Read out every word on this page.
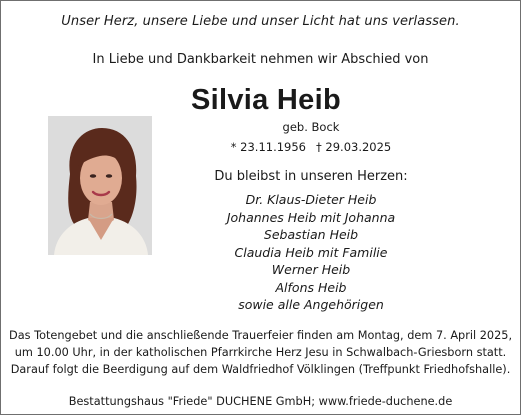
Unser Herz, unsere Liebe und unser Licht hat uns verlassen.
In Liebe und Dankbarkeit nehmen wir Abschied von
Silvia Heib
geb. Bock
* 23.11.1956 † 29.03.2025
Du bleibst in unseren Herzen:
Dr. Klaus-Dieter Heib
Johannes Heib mit Johanna
Sebastian Heib
Claudia Heib mit Familie
Werner Heib
Alfons Heib
sowie alle Angehörigen
Das Totengebet und die anschließende Trauerfeier finden am Montag, dem 7. April 2025,
um 10.00 Uhr, in der katholischen Pfarrkirche Herz Jesu in Schwalbach-Griesborn statt.
Darauf folgt die Beerdigung auf dem Waldfriedhof Völklingen (Treffpunkt Friedhofshalle).
Bestattungshaus "Friede" DUCHENE GmbH; www.friede-duchene.de
